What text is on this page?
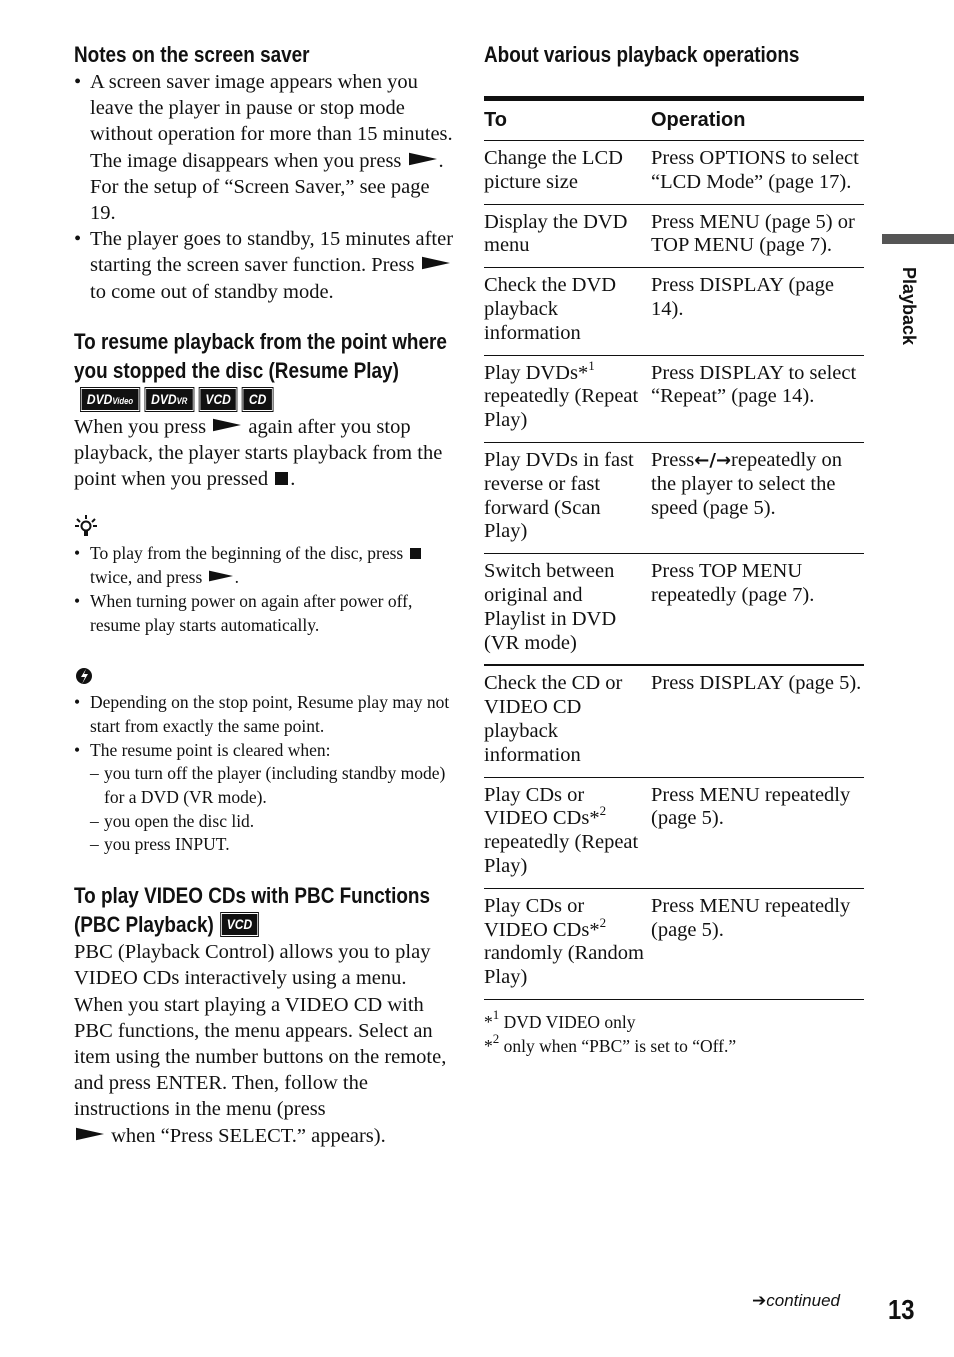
Notes on the screen saver
• A screen saver image appears when you leave the player in pause or stop mode without operation for more than 15 minutes. The image disappears when you press . For the setup of “Screen Saver,” see page 19.
• The player goes to standby, 15 minutes after starting the screen saver function. Press  to come out of standby mode.
To resume playback from the point where you stopped the disc (Resume Play)DVDVideo DVDVR VCD CD
When you press again after you stop playback, the player starts playback from the point when you pressed .
• To play from the beginning of the disc, press  twice, and press .
• When turning power on again after power off, resume play starts automatically.
• Depending on the stop point, Resume play may not start from exactly the same point.
• The resume point is cleared when:
– you turn off the player (including standby mode) for a DVD (VR mode).
– you open the disc lid.
– you press INPUT.
To play VIDEO CDs with PBC Functions (PBC Playback) VCD
PBC (Playback Control) allows you to play VIDEO CDs interactively using a menu. When you start playing a VIDEO CD with PBC functions, the menu appears. Select an item using the number buttons on the remote, and press ENTER. Then, follow the instructions in the menu (press
when “Press SELECT.” appears).
About various playback operations
To	Operation
Change the LCD picture size	Press OPTIONS to select “LCD Mode” (page 17).
Display the DVD menu	Press MENU (page 5) or TOP MENU (page 7).
Check the DVD playback information	Press DISPLAY (page 14).
Play DVDs*$^1$ repeatedly (Repeat Play)	Press DISPLAY to select “Repeat” (page 14).
Play DVDs in fast reverse or fast forward (Scan Play)	Press←/→repeatedly on the player to select the speed (page 5).
Switch between original and Playlist in DVD (VR mode)	Press TOP MENU repeatedly (page 7).
Check the CD or VIDEO CD playback information	Press DISPLAY (page 5).
Play CDs or VIDEO CDs*$^2$ repeatedly (Repeat Play)	Press MENU repeatedly (page 5).
Play CDs or VIDEO CDs*$^2$ randomly (Random Play)	Press MENU repeatedly (page 5).
*$^1$ DVD VIDEO only
*$^2$ only when “PBC” is set to “Off.”
Playback
➔continued 13
